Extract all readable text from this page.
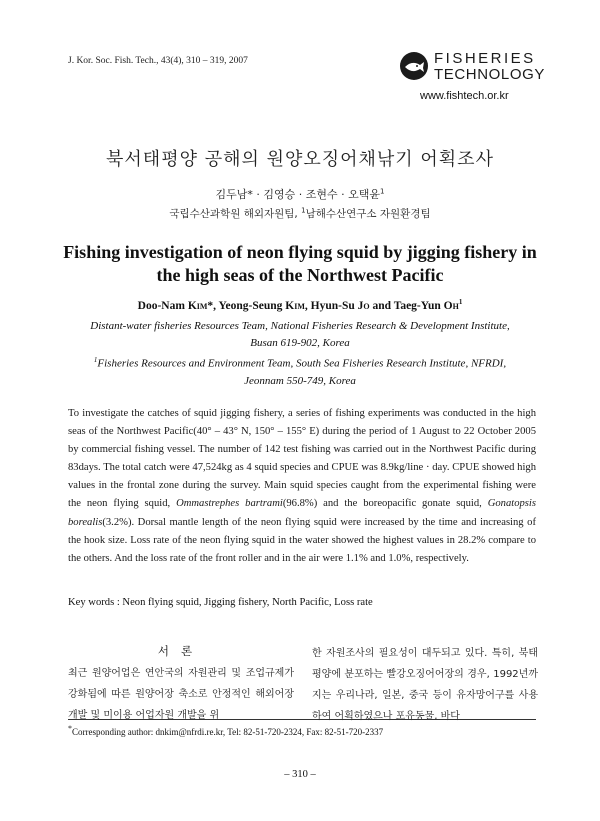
J. Kor. Soc. Fish. Tech., 43(4), 310 – 319, 2007	FISHERIES
TECHNOLOGY
www.fishtech.or.kr
북서태평양 공해의 원양오징어채낚기 어획조사
김두남* · 김영승 · 조현수 · 오택윤$^1$
국립수산과학원 해외자원팀, $^1$남해수산연구소 자원환경팀
Fishing investigation of neon flying squid by jigging fishery in
the high seas of the Northwest Pacific
Doo-Nam Kim*, Yeong-Seung Kim, Hyun-Su Jo and Taeg-Yun Oh$^1$
Distant-water fisheries Resources Team, National Fisheries Research & Development Institute,
Busan 619-902, Korea
$^1$Fisheries Resources and Environment Team, South Sea Fisheries Research Institute, NFRDI,
Jeonnam 550-749, Korea
To investigate the catches of squid jigging fishery, a series of fishing experiments was conducted in the high seas of the Northwest Pacific(40° – 43° N, 150° – 155° E) during the period of 1 August to 22 October 2005 by commercial fishing vessel. The number of 142 test fishing was carried out in the Northwest Pacific during 83days. The total catch were 47,524kg as 4 squid species and CPUE was 8.9kg/line · day. CPUE showed high values in the frontal zone during the survey. Main squid species caught from the experimental fishing were the neon flying squid, Ommastrephes bartrami(96.8%) and the boreopacific gonate squid, Gonatopsis borealis(3.2%). Dorsal mantle length of the neon flying squid were increased by the time and increasing of the hook size. Loss rate of the neon flying squid in the water showed the highest values in 28.2% compare to the others. And the loss rate of the front roller and in the air were 1.1% and 1.0%, respectively.
Key words : Neon flying squid, Jigging fishery, North Pacific, Loss rate
서론
최근 원양어업은 연안국의 자원관리 및 조업규제가 강화됨에 따른 원양어장 축소로 안정적인 해외어장 개발 및 미이용 어업자원 개발을 위
한 자원조사의 필요성이 대두되고 있다. 특히, 북태평양에 분포하는 빨강오징어어장의 경우, 1992년까지는 우리나라, 일본, 중국 등이 유자망어구를 사용하여 어획하였으나 포유동물, 바다
*Corresponding author: dnkim@nfrdi.re.kr, Tel: 82-51-720-2324, Fax: 82-51-720-2337
– 310 –
